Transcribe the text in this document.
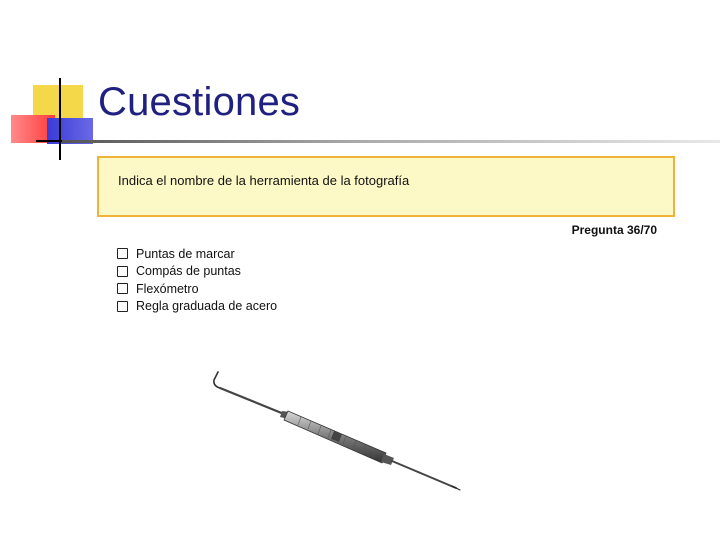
Cuestiones
Indica el nombre de la herramienta de la fotografía
Pregunta 36/70
Puntas de marcar
Compás de puntas
Flexómetro
Regla graduada de acero
